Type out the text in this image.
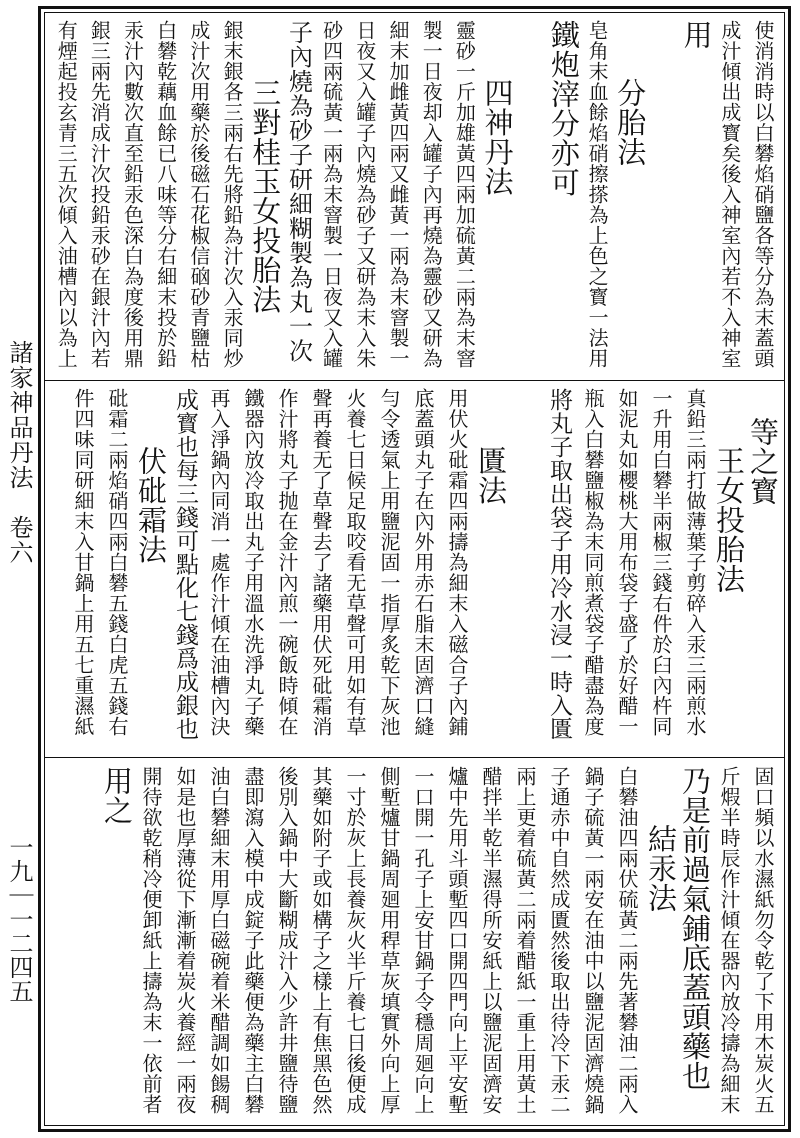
諸家神品丹法　卷六
一九｜一二四五
使消消時以白礬焰硝鹽各等分為末蓋頭
成汁傾出成寳矣後入神室內若不入神室
用
分胎法
皂角末血餘焰硝擦搽為上色之寳一法用
鐵炮滓分亦可
四神丹法
靈砂一斤加雄黃四兩加硫黃二兩為末窨
製一日夜却入罐子內再燒為靈砂又研為
細末加雌黃四兩又雌黃一兩為末窨製一
日夜又入罐子內燒為砂子又研為末入朱
砂四兩硫黃一兩為末窨製一日夜又入罐
子內燒為砂子研細糊製為丸一次
三對桂玉女投胎法
銀末銀各三兩右先將鉛為汁次入汞同炒
成汁次用藥於後磁石花椒信硇砂青鹽枯
白礬乾藕血餘已八味等分右細末投於鉛
汞汁內數次直至鉛汞色深白為度後用鼎
銀三兩先消成汁次投鉛汞砂在銀汁內若
有煙起投玄青三五次傾入油槽內以為上
等之寳
王女投胎法
真鉛三兩打做薄葉子剪碎入汞三兩煎水
一升用白礬半兩椒三錢右件於臼內杵同
如泥丸如櫻桃大用布袋子盛了於好醋一
瓶入白礬鹽椒為末同煎煮袋子醋盡為度
將丸子取出袋子用冷水浸一時入匱
匱法
用伏火砒霜四兩擣為細末入磁合子內鋪
底蓋頭丸子在內外用赤石脂末固濟口縫
勻令透氣上用鹽泥固一指厚炙乾下灰池
火養七日候足取咬看无草聲可用如有草
聲再養无了草聲去了諸藥用伏死砒霜消
作汁將丸子抛在金汁內煎一碗飯時傾在
鐵器內放冷取出丸子用溫水洗淨丸子藥
再入淨鍋內同消一處作汁傾在油槽內決
成寳也每三錢可點化七錢爲成銀也
伏砒霜法
砒霜二兩焰硝四兩白礬五錢白虎五錢右
件四味同研細末入甘鍋上用五七重濕紙
固口頻以水濕紙勿令乾了下用木炭火五
斤煆半時辰作汁傾在器內放冷擣為細末
乃是前過氣鋪底蓋頭藥也
結汞法
白礬油四兩伏硫黃二兩先著礬油二兩入
鍋子硫黃一兩安在油中以鹽泥固濟燒鍋
子通赤中自然成匱然後取出待冷下汞二
兩上更着硫黃二兩着醋紙一重上用黃土
醋拌半乾半濕得所安紙上以鹽泥固濟安
爐中先用斗頭塹四口開四門向上平安塹
一口開一孔子上安甘鍋子令穩周廻向上
側塹爐甘鍋周廻用稈草灰填實外向上厚
一寸於灰上長養灰火半斤養七日後便成
其藥如附子或如構子之樣上有焦黑色然
後別入鍋中大斷糊成汁入少許井鹽待鹽
盡即瀉入模中成錠子此藥便為藥主白礬
油白礬細末用厚白磁碗着米醋調如餳稠
如是也厚薄從下漸漸着炭火養經一兩夜
開待欲乾稍冷便卸紙上擣為末一依前者
用之
